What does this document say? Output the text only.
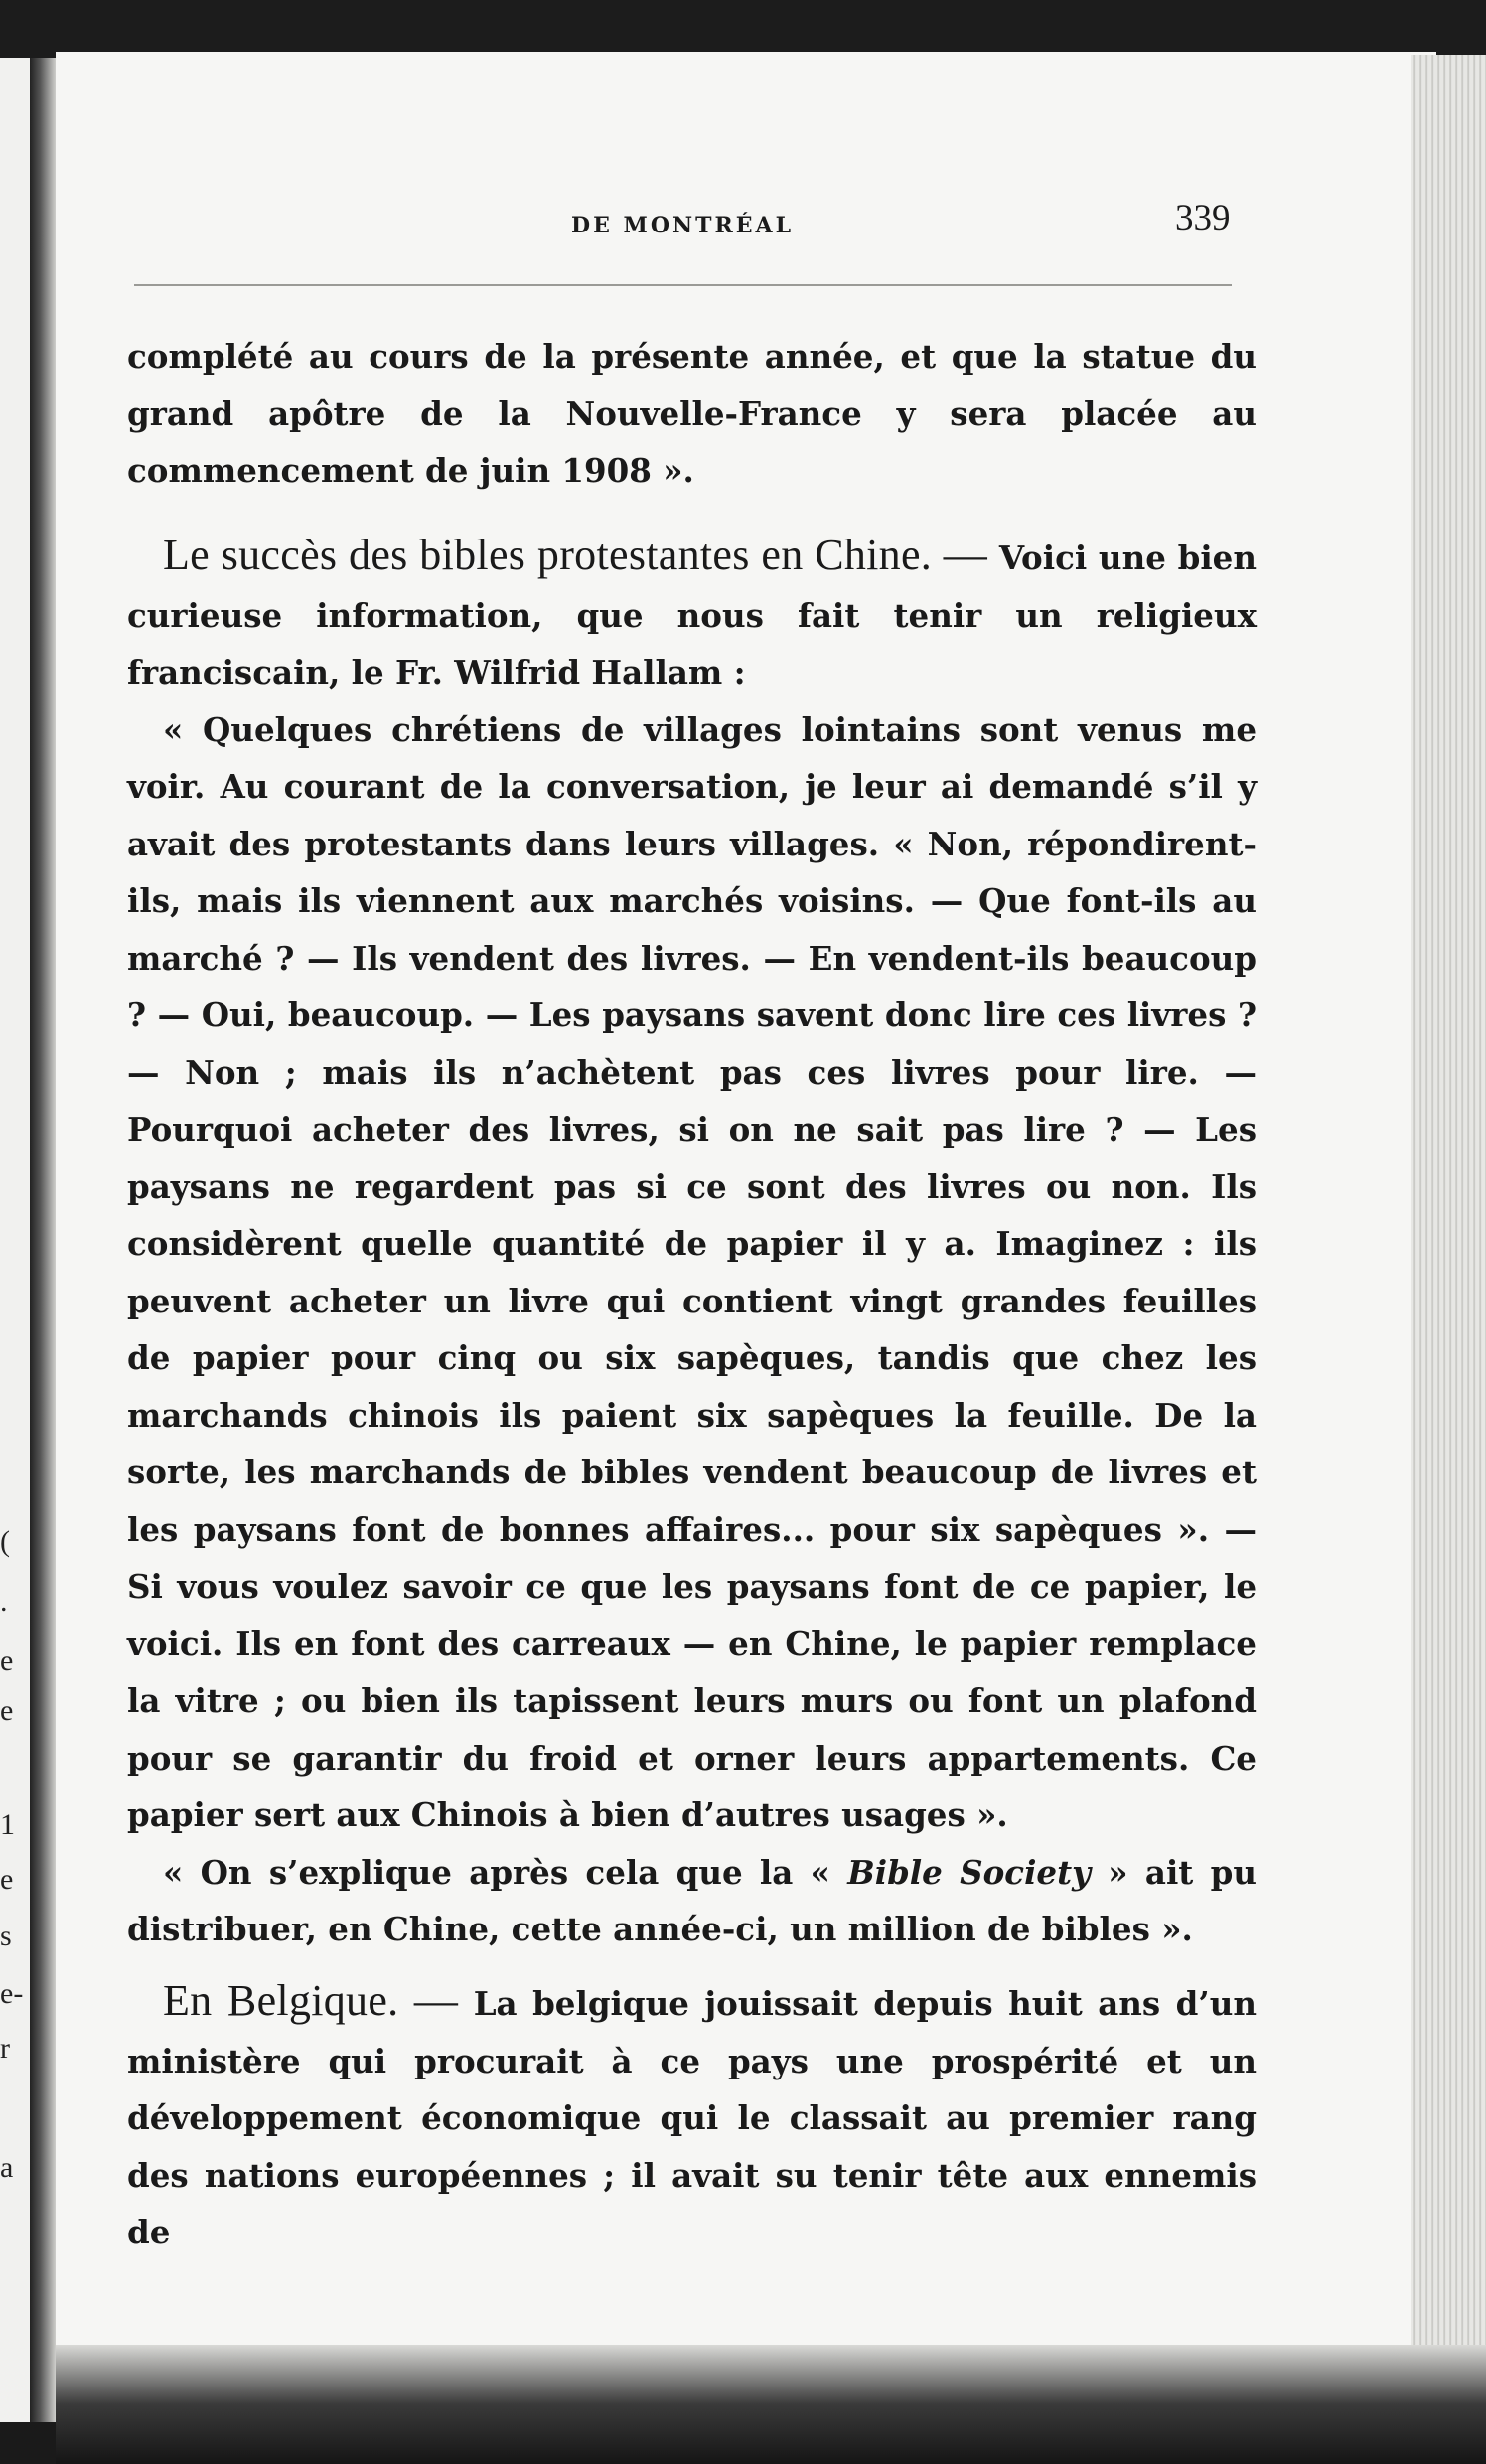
(
.
e
e
1
e
s
e-
r
a
DE MONTRÉAL	339
complété au cours de la présente année, et que la statue du grand apôtre de la Nouvelle-France y sera placée au commencement de juin 1908 ».
Le succès des bibles protestantes en Chine. — Voici une bien curieuse information, que nous fait tenir un religieux franciscain, le Fr. Wilfrid Hallam :
« Quelques chrétiens de villages lointains sont venus me voir. Au courant de la conversation, je leur ai demandé s’il y avait des protestants dans leurs villages. « Non, répondirent-ils, mais ils viennent aux marchés voisins. — Que font-ils au marché ? — Ils vendent des livres. — En vendent-ils beaucoup ? — Oui, beaucoup. — Les paysans savent donc lire ces livres ? — Non ; mais ils n’achètent pas ces livres pour lire. — Pourquoi acheter des livres, si on ne sait pas lire ? — Les paysans ne regardent pas si ce sont des livres ou non. Ils considèrent quelle quantité de papier il y a. Imaginez : ils peuvent acheter un livre qui contient vingt grandes feuilles de papier pour cinq ou six sapèques, tandis que chez les marchands chinois ils paient six sapèques la feuille. De la sorte, les marchands de bibles vendent beaucoup de livres et les paysans font de bonnes affaires... pour six sapèques ». — Si vous voulez savoir ce que les paysans font de ce papier, le voici. Ils en font des carreaux — en Chine, le papier remplace la vitre ; ou bien ils tapissent leurs murs ou font un plafond pour se garantir du froid et orner leurs appartements. Ce papier sert aux Chinois à bien d’autres usages ».
« On s’explique après cela que la « Bible Society » ait pu distribuer, en Chine, cette année-ci, un million de bibles ».
En Belgique. — La belgique jouissait depuis huit ans d’un ministère qui procurait à ce pays une prospérité et un développement économique qui le classait au premier rang des nations européennes ; il avait su tenir tête aux ennemis de
